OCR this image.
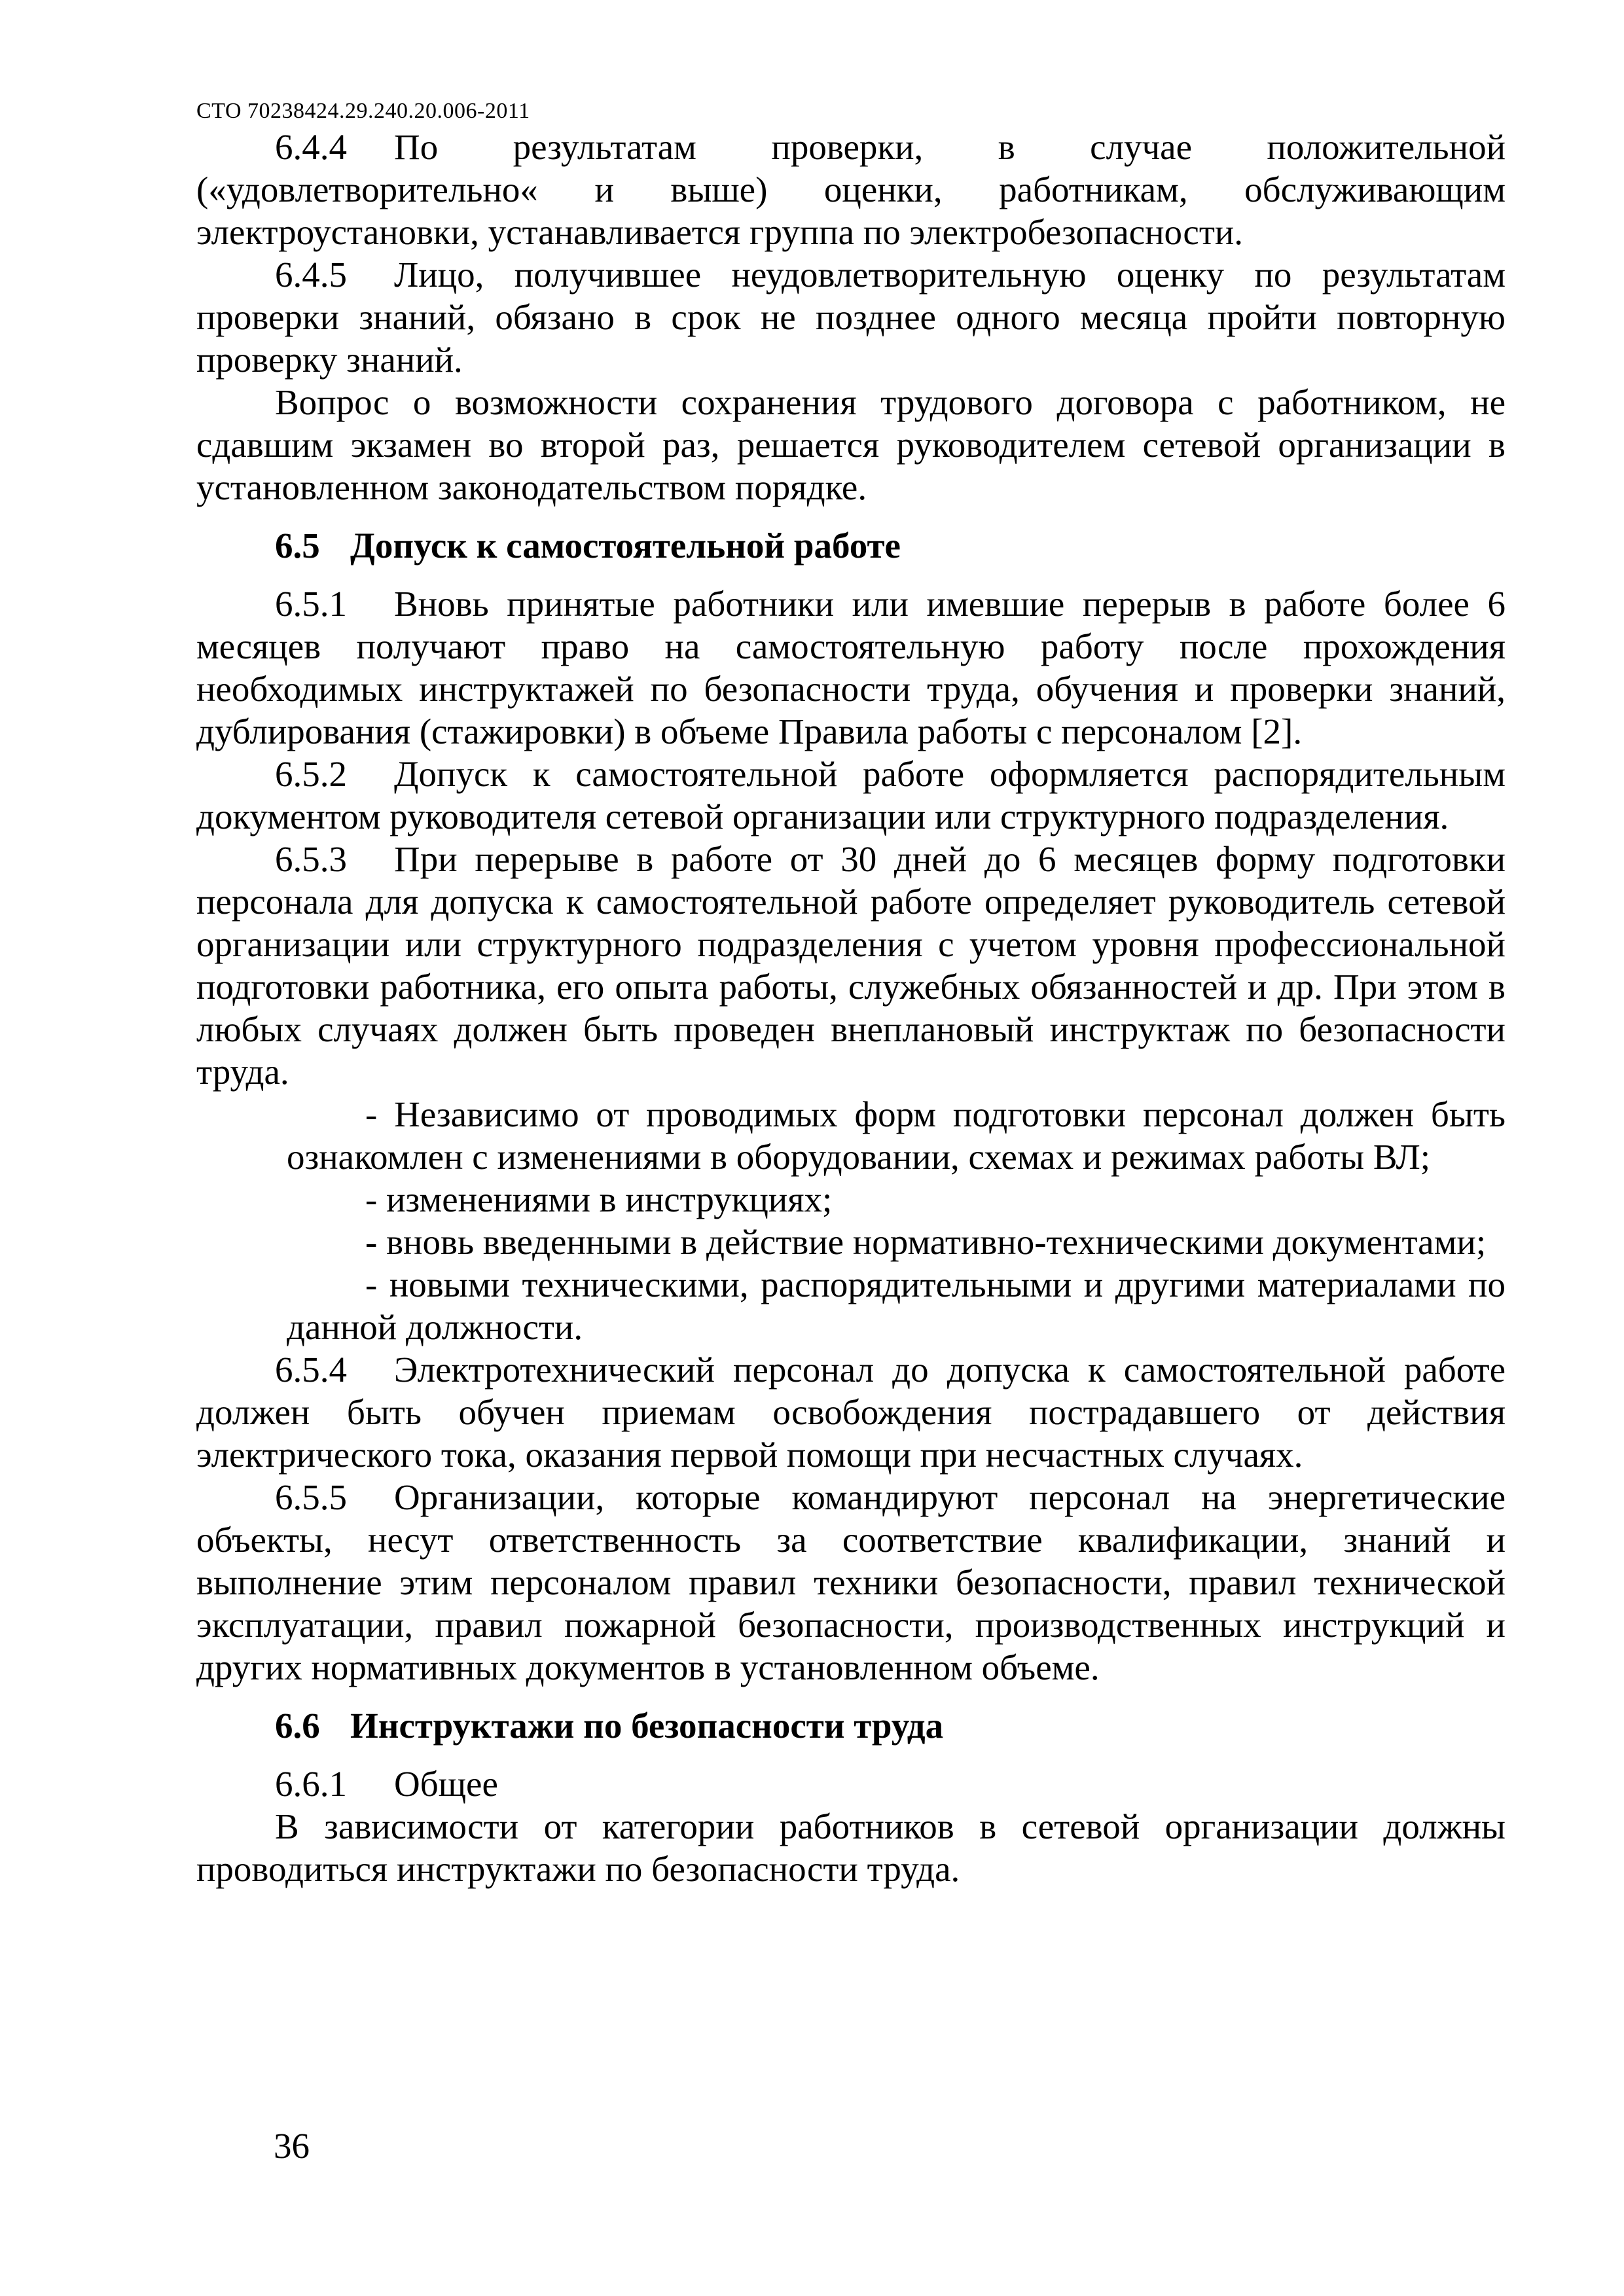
СТО 70238424.29.240.20.006-2011

6.4.4 По результатам проверки, в случае положительной («удовлетворительно« и выше) оценки, работникам, обслуживающим электроустановки, устанавливается группа по электробезопасности.

6.4.5 Лицо, получившее неудовлетворительную оценку по результатам проверки знаний, обязано в срок не позднее одного месяца пройти повторную проверку знаний.

Вопрос о возможности сохранения трудового договора с работником, не сдавшим экзамен во второй раз, решается руководителем сетевой организации в установленном законодательством порядке.

6.5 Допуск к самостоятельной работе

6.5.1 Вновь принятые работники или имевшие перерыв в работе более 6 месяцев получают право на самостоятельную работу после прохождения необходимых инструктажей по безопасности труда, обучения и проверки знаний, дублирования (стажировки) в объеме Правила работы с персоналом [2].

6.5.2 Допуск к самостоятельной работе оформляется распорядительным документом руководителя сетевой организации или структурного подразделения.

6.5.3 При перерыве в работе от 30 дней до 6 месяцев форму подготовки персонала для допуска к самостоятельной работе определяет руководитель сетевой организации или структурного подразделения с учетом уровня профессиональной подготовки работника, его опыта работы, служебных обязанностей и др. При этом в любых случаях должен быть проведен внеплановый инструктаж по безопасности труда.

- Независимо от проводимых форм подготовки персонал должен быть ознакомлен с изменениями в оборудовании, схемах и режимах работы ВЛ;

- изменениями в инструкциях;

- вновь введенными в действие нормативно-техническими документами;

- новыми техническими, распорядительными и другими материалами по данной должности.

6.5.4 Электротехнический персонал до допуска к самостоятельной работе должен быть обучен приемам освобождения пострадавшего от действия электрического тока, оказания первой помощи при несчастных случаях.

6.5.5 Организации, которые командируют персонал на энергетические объекты, несут ответственность за соответствие квалификации, знаний и выполнение этим персоналом правил техники безопасности, правил технической эксплуатации, правил пожарной безопасности, производственных инструкций и других нормативных документов в установленном объеме.

6.6 Инструктажи по безопасности труда

6.6.1 Общее

В зависимости от категории работников в сетевой организации должны проводиться инструктажи по безопасности труда.

36
